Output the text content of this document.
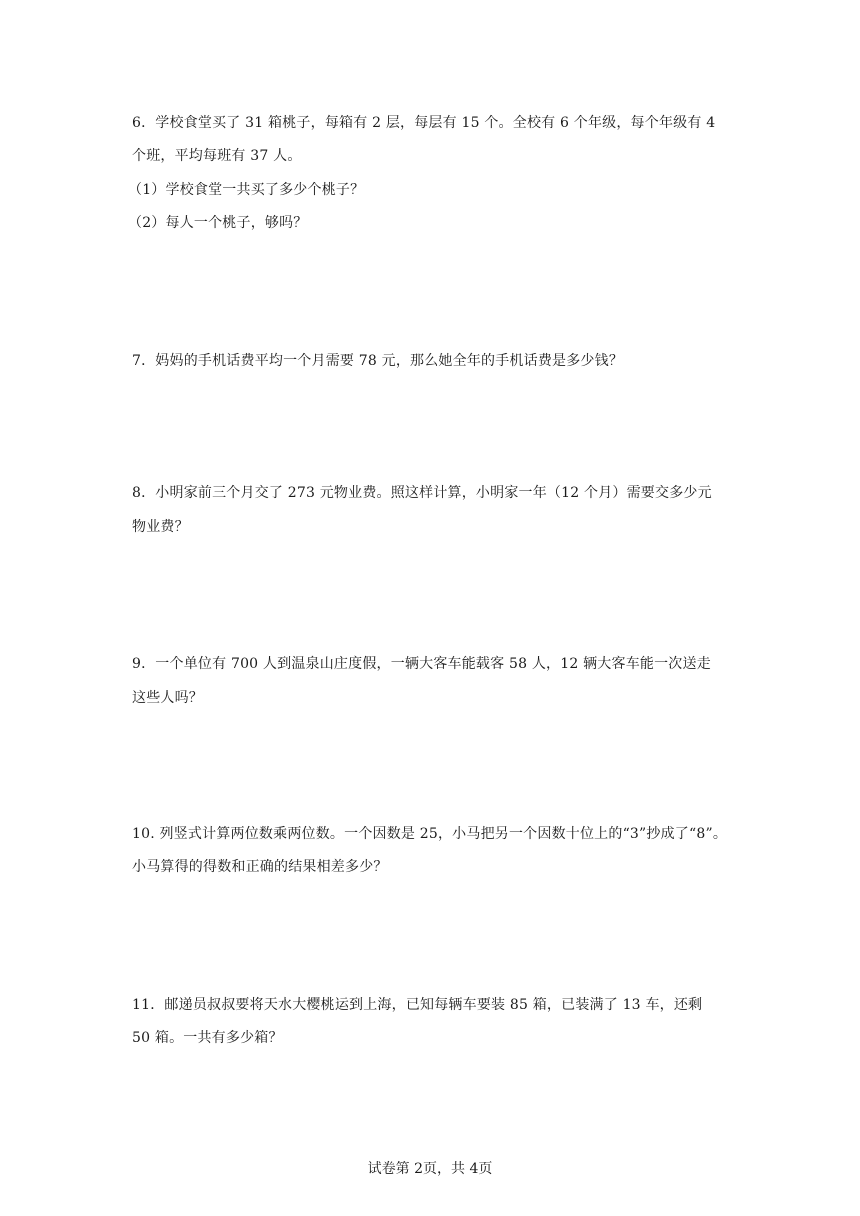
6．学校食堂买了 31 箱桃子，每箱有 2 层，每层有 15 个。全校有 6 个年级，每个年级有 4
个班，平均每班有 37 人。
（1）学校食堂一共买了多少个桃子？
（2）每人一个桃子，够吗？
7．妈妈的手机话费平均一个月需要 78 元，那么她全年的手机话费是多少钱？
8．小明家前三个月交了 273 元物业费。照这样计算，小明家一年（12 个月）需要交多少元
物业费？
9．一个单位有 700 人到温泉山庄度假，一辆大客车能载客 58 人，12 辆大客车能一次送走
这些人吗？
10. 列竖式计算两位数乘两位数。一个因数是 25，小马把另一个因数十位上的“3”抄成了“8”。
小马算得的得数和正确的结果相差多少？
11．邮递员叔叔要将天水大樱桃运到上海，已知每辆车要装 85 箱，已装满了 13 车，还剩
50 箱。一共有多少箱？
试卷第 2页，共 4页
